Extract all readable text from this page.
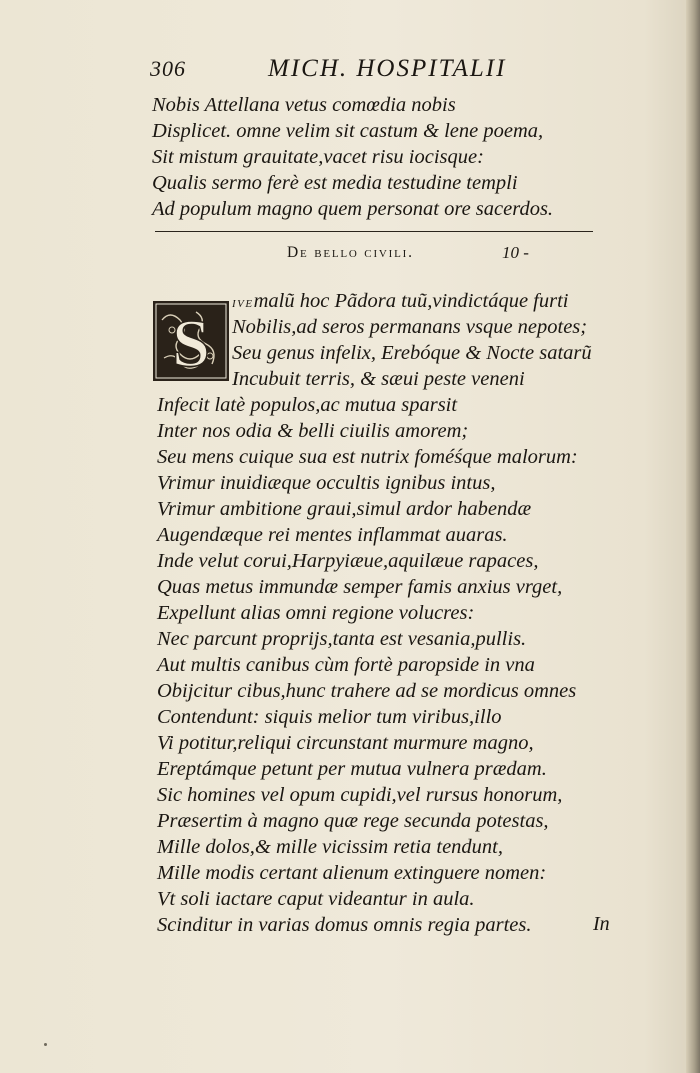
306	MICH. HOSPITALII
Nobis Attellana vetus comœdia nobis
Displicet. omne velim sit castum & lene poema,
Sit mistum grauitate,vacet risu iocisque:
Qualis sermo ferè est media testudine templi
Ad populum magno quem personat ore sacerdos.
De bello civili.	10 -
S
ivemalũ hoc Pãdora tuũ,vindictáque furti
Nobilis,ad seros permanans vsque nepotes;
Seu genus infelix, Erebóque & Nocte satarũ
Incubuit terris, & sæui peste veneni
Infecit latè populos,ac mutua sparsit
Inter nos odia & belli ciuilis amorem;
Seu mens cuique sua est nutrix foméśque malorum:
Vrimur inuidiæque occultis ignibus intus,
Vrimur ambitione graui,simul ardor habendæ
Augendæque rei mentes inflammat auaras.
Inde velut corui,Harpyiæue,aquilæue rapaces,
Quas metus immundæ semper famis anxius vrget,
Expellunt alias omni regione volucres:
Nec parcunt proprijs,tanta est vesania,pullis.
Aut multis canibus cùm fortè paropside in vna
Obijcitur cibus,hunc trahere ad se mordicus omnes
Contendunt: siquis melior tum viribus,illo
Vi potitur,reliqui circunstant murmure magno,
Ereptámque petunt per mutua vulnera prædam.
Sic homines vel opum cupidi,vel rursus honorum,
Præsertim à magno quæ rege secunda potestas,
Mille dolos,& mille vicissim retia tendunt,
Mille modis certant alienum extinguere nomen:
Vt soli iactare caput videantur in aula.
Scinditur in varias domus omnis regia partes.	In
